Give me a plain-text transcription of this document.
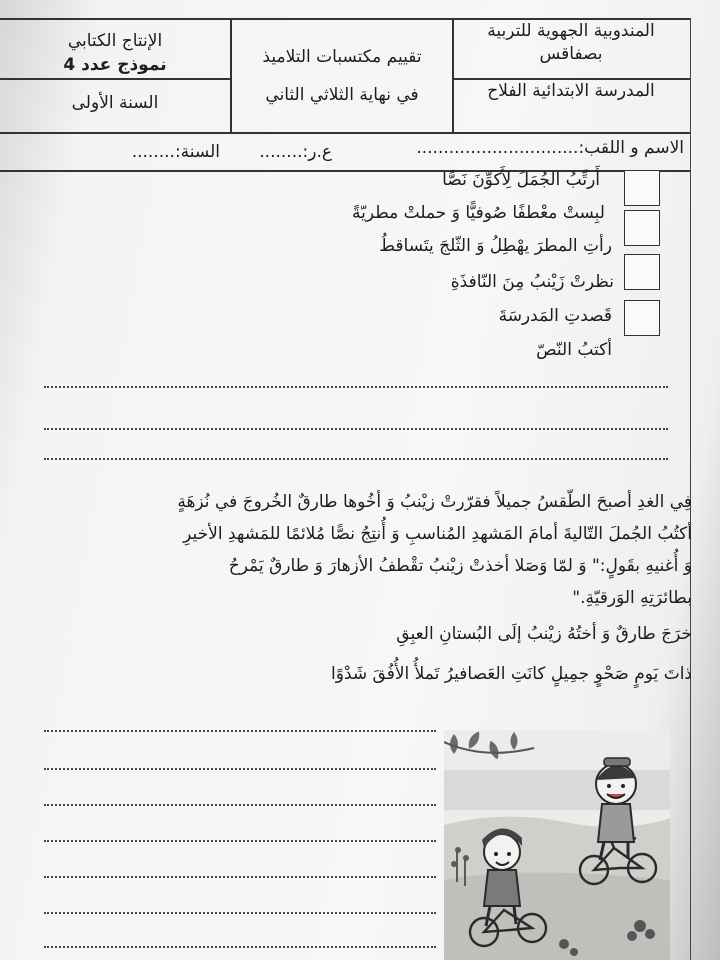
المندوبية الجهوية للتربية بصفاقس
المدرسة الابتدائية الفلاح
تقييم مكتسبات التلاميذ
في نهاية الثلاثي الثاني
الإنتاج الكتابي
نموذج عدد 4
السنة الأولى
الاسم و اللقب:..............................
ع.ر:........
السنة:........
أَرتِّبُ الجُمَلَ لِأَكوِّنَ نَصًّا
لبِستْ معْطفًا صُوفيًّا وَ حملتْ مطريّةً
رأتِ المطرَ يهْطِلُ وَ الثّلجَ يتَساقطُ
نظرتْ زَيْنبُ مِنَ النّافذَةِ
قَصدتِ المَدرسَةَ
أكتبُ النّصّ
فِي الغدِ أصبحَ الطّقسُ جميلاً فقرّرتْ زيْنبُ وَ أخُوها طارقٌ الخُروجَ في نُزهَةٍ
أكتُبُ الجُملَ التّاليةَ أمامَ المَشهدِ المُناسبِ وَ أُنتِجُ نصًّا مُلائمًا للمَشهدِ الأخيرِ
وَ أُغنيهِ بقَولٍ:" وَ لمّا وَصَلا أخذتْ زيْنبُ تقْطفُ الأزهارَ وَ طارقٌ يَمْرحُ
بطائرَتِهِ الوَرقيّةِ."
خرَجَ طارقٌ وَ أختُهُ زيْنبُ إلَى البُستانِ العبِقِ
ذاتَ يَومٍ صَحْوٍ جمِيلٍ كانَتِ العَصافيرُ تَملأُ الأُفُقَ شَدْوًا
